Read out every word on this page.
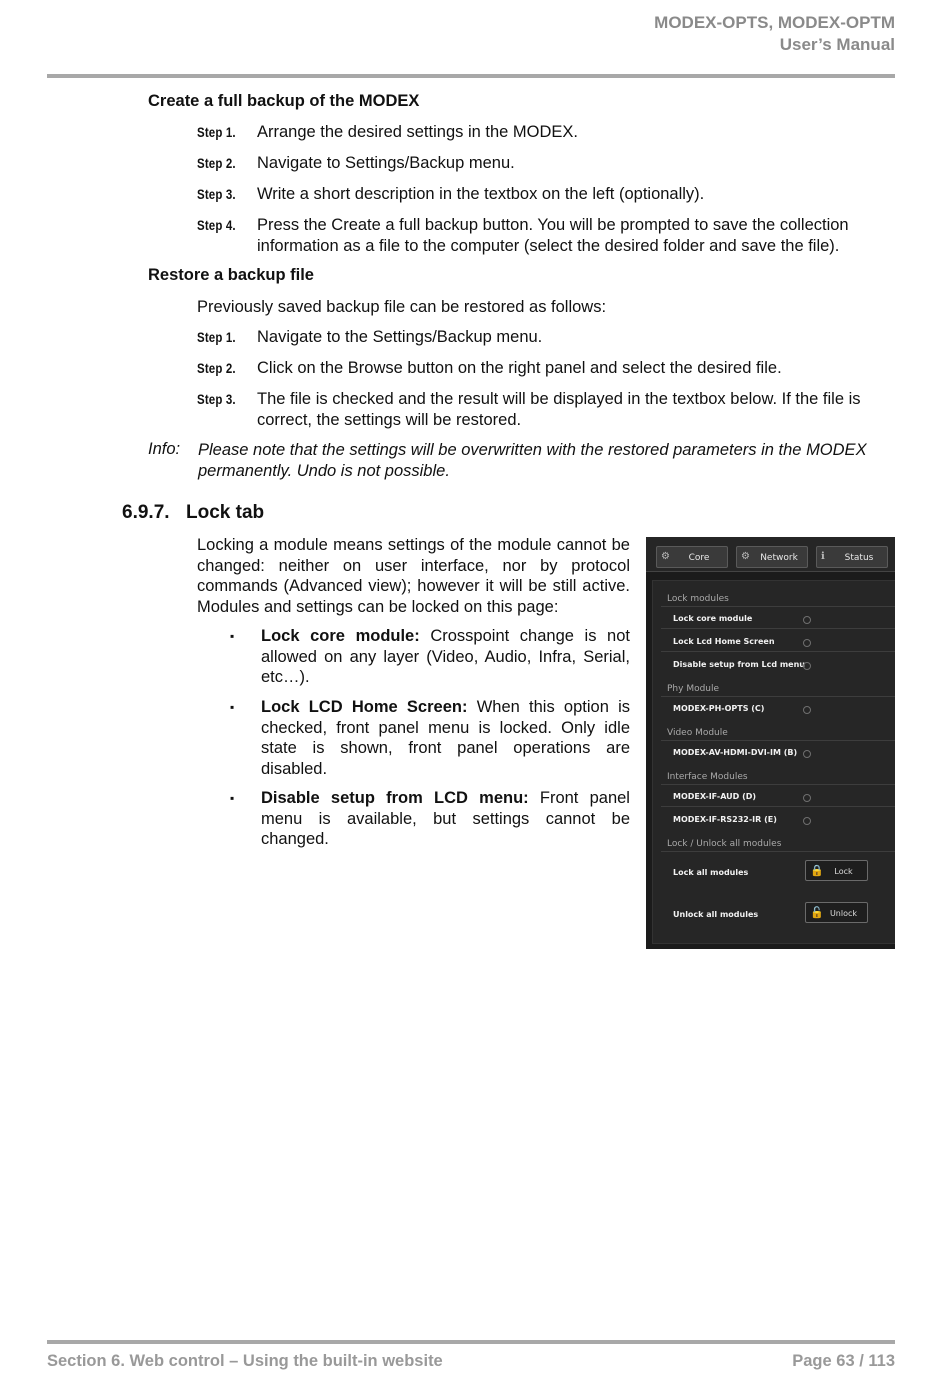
MODEX-OPTS, MODEX-OPTM
User’s Manual
Create a full backup of the MODEX
Step 1. Arrange the desired settings in the MODEX.
Step 2. Navigate to Settings/Backup menu.
Step 3. Write a short description in the textbox on the left (optionally).
Step 4. Press the Create a full backup button. You will be prompted to save the collection information as a file to the computer (select the desired folder and save the file).
Restore a backup file
Previously saved backup file can be restored as follows:
Step 1. Navigate to the Settings/Backup menu.
Step 2. Click on the Browse button on the right panel and select the desired file.
Step 3. The file is checked and the result will be displayed in the textbox below. If the file is correct, the settings will be restored.
Info: Please note that the settings will be overwritten with the restored parameters in the MODEX permanently. Undo is not possible.
6.9.7. Lock tab
Locking a module means settings of the module cannot be changed: neither on user interface, nor by protocol commands (Advanced view); however it will be still active. Modules and settings can be locked on this page:
▪ Lock core module: Crosspoint change is not allowed on any layer (Video, Audio, Infra, Serial, etc…).
▪ Lock LCD Home Screen: When this option is checked, front panel menu is locked. Only idle state is shown, front panel operations are disabled.
▪ Disable setup from LCD menu: Front panel menu is available, but settings cannot be changed.
⚙	Core	⚙	Network	ℹ	Status
Lock modules
Lock core module
Lock Lcd Home Screen
Disable setup from Lcd menu
Phy Module
MODEX-PH-OPTS (C)
Video Module
MODEX-AV-HDMI-DVI-IM (B)
Interface Modules
MODEX-IF-AUD (D)
MODEX-IF-RS232-IR (E)
Lock / Unlock all modules
Lock all modules	🔒	Lock
Unlock all modules	🔓 Unlock
Section 6. Web control – Using the built-in website	Page 63 / 113
